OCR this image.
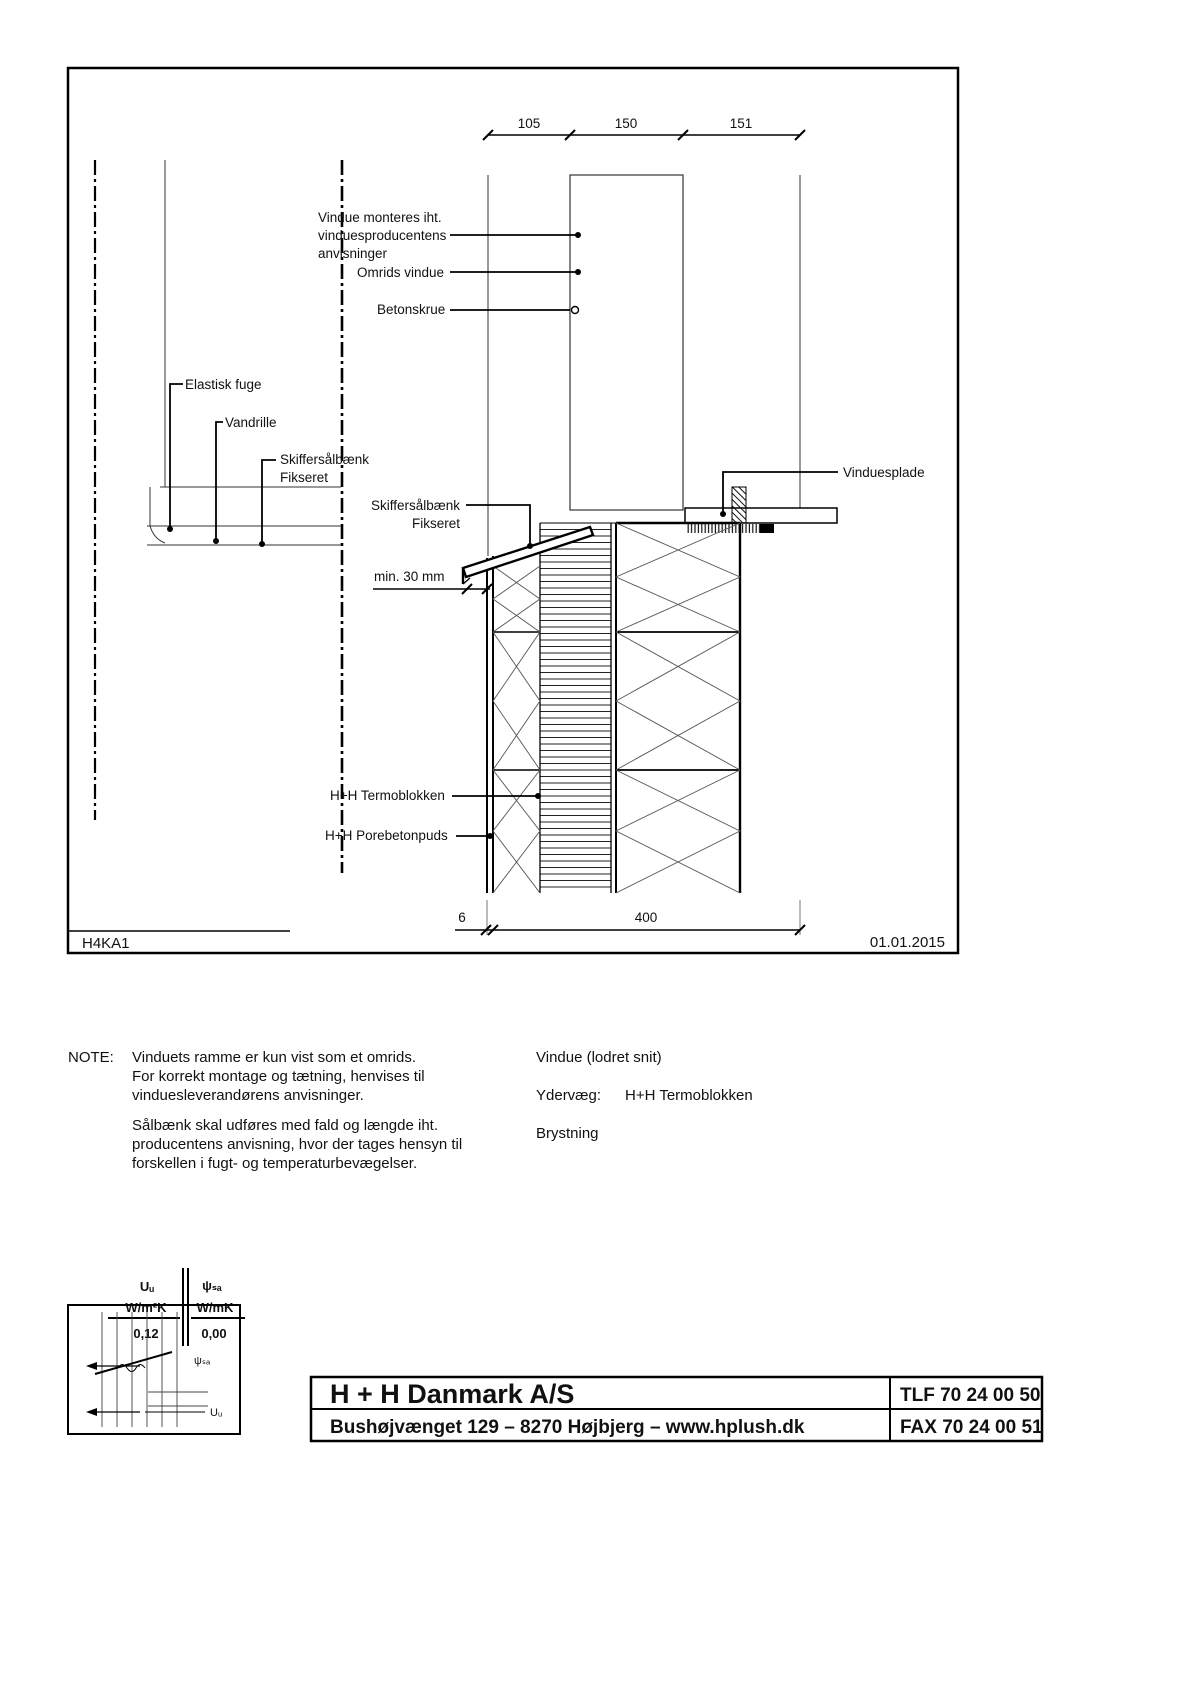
105	150	151
min. 30 mm
6	400
Vindue monteres iht.
vinduesproducentens
anvisninger
Omrids vindue
Betonskrue
Elastisk fuge
Vandrille
Skiffersålbænk
Fikseret
Skiffersålbænk
Fikseret
Vinduesplade
H+H Termoblokken
H+H Porebetonpuds
H4KA1	01.01.2015
NOTE: Vinduets ramme er kun vist som et omrids.
For korrekt montage og tætning, henvises til
vinduesleverandørens anvisninger.
Sålbænk skal udføres med fald og længde iht.
producentens anvisning, hvor der tages hensyn til
forskellen i fugt- og temperaturbevægelser.
Vindue (lodret snit)
Ydervæg: H+H Termoblokken
Brystning
Uᵤ	ψₛₐ
W/m²K W/mK
0,12	0,00
ψₛₐ
Uᵤ
H + H Danmark A/S
Bushøjvænget 129 – 8270 Højbjerg – www.hplush.dk
TLF 70 24 00 50
FAX 70 24 00 51
